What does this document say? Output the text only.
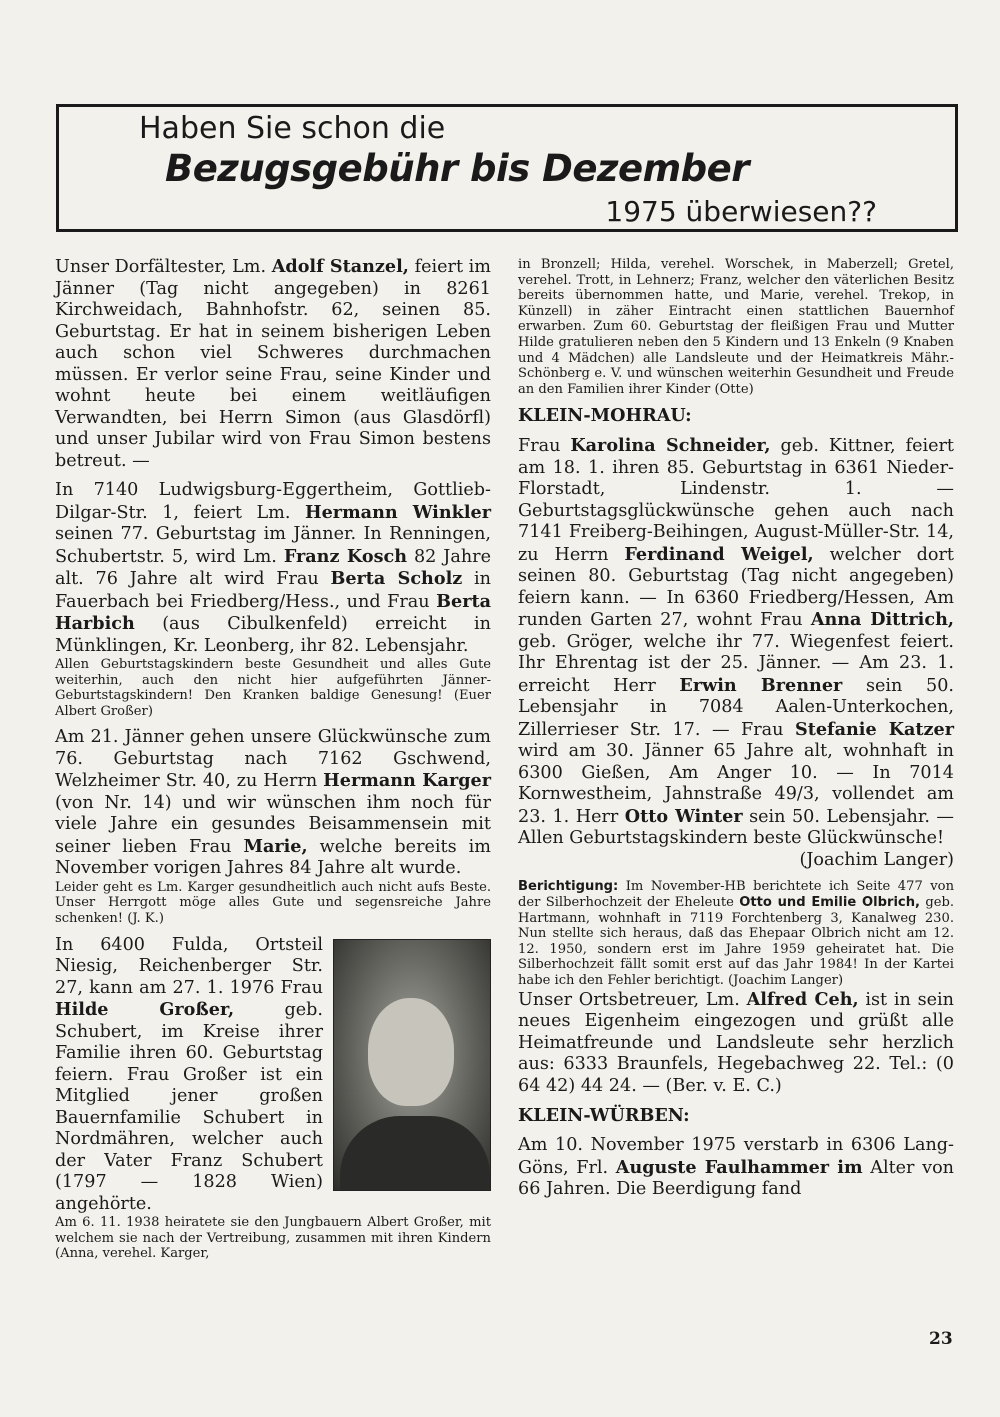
Haben Sie schon die
Bezugsgebühr bis Dezember
1975 überwiesen??

Unser Dorfältester, Lm. Adolf Stanzel, feiert im Jänner (Tag nicht angegeben) in 8261 Kirchweidach, Bahnhofstr. 62, seinen 85. Geburtstag. Er hat in seinem bisherigen Leben auch schon viel Schweres durchmachen müssen. Er verlor seine Frau, seine Kinder und wohnt heute bei einem weitläufigen Verwandten, bei Herrn Simon (aus Glasdörfl) und unser Jubilar wird von Frau Simon bestens betreut. —

In 7140 Ludwigsburg-Eggertheim, Gottlieb-Dilgar-Str. 1, feiert Lm. Hermann Winkler seinen 77. Geburtstag im Jänner. In Renningen, Schubertstr. 5, wird Lm. Franz Kosch 82 Jahre alt. 76 Jahre alt wird Frau Berta Scholz in Fauerbach bei Friedberg/Hess., und Frau Berta Harbich (aus Cibulkenfeld) erreicht in Münklingen, Kr. Leonberg, ihr 82. Lebensjahr.

Allen Geburtstagskindern beste Gesundheit und alles Gute weiterhin, auch den nicht hier aufgeführten Jänner-Geburtstagskindern! Den Kranken baldige Genesung! (Euer Albert Großer)

Am 21. Jänner gehen unsere Glückwünsche zum 76. Geburtstag nach 7162 Gschwend, Welzheimer Str. 40, zu Herrn Hermann Karger (von Nr. 14) und wir wünschen ihm noch für viele Jahre ein gesundes Beisammensein mit seiner lieben Frau Marie, welche bereits im November vorigen Jahres 84 Jahre alt wurde.

Leider geht es Lm. Karger gesundheitlich auch nicht aufs Beste. Unser Herrgott möge alles Gute und segensreiche Jahre schenken! (J. K.)

In 6400 Fulda, Ortsteil Niesig, Reichenberger Str. 27, kann am 27. 1. 1976 Frau Hilde Großer, geb. Schubert, im Kreise ihrer Familie ihren 60. Geburtstag feiern. Frau Großer ist ein Mitglied jener großen Bauernfamilie Schubert in Nordmähren, welcher auch der Vater Franz Schubert (1797 — 1828 Wien) angehörte.

Am 6. 11. 1938 heiratete sie den Jungbauern Albert Großer, mit welchem sie nach der Vertreibung, zusammen mit ihren Kindern (Anna, verehel. Karger,

in Bronzell; Hilda, verehel. Worschek, in Maberzell; Gretel, verehel. Trott, in Lehnerz; Franz, welcher den väterlichen Besitz bereits übernommen hatte, und Marie, verehel. Trekop, in Künzell) in zäher Eintracht einen stattlichen Bauernhof erwarben. Zum 60. Geburtstag der fleißigen Frau und Mutter Hilde gratulieren neben den 5 Kindern und 13 Enkeln (9 Knaben und 4 Mädchen) alle Landsleute und der Heimatkreis Mähr.-Schönberg e. V. und wünschen weiterhin Gesundheit und Freude an den Familien ihrer Kinder (Otte)

KLEIN-MOHRAU:

Frau Karolina Schneider, geb. Kittner, feiert am 18. 1. ihren 85. Geburtstag in 6361 Nieder-Florstadt, Lindenstr. 1. — Geburtstagsglückwünsche gehen auch nach 7141 Freiberg-Beihingen, August-Müller-Str. 14, zu Herrn Ferdinand Weigel, welcher dort seinen 80. Geburtstag (Tag nicht angegeben) feiern kann. — In 6360 Friedberg/Hessen, Am runden Garten 27, wohnt Frau Anna Dittrich, geb. Gröger, welche ihr 77. Wiegenfest feiert. Ihr Ehrentag ist der 25. Jänner. — Am 23. 1. erreicht Herr Erwin Brenner sein 50. Lebensjahr in 7084 Aalen-Unterkochen, Zillerrieser Str. 17. — Frau Stefanie Katzer wird am 30. Jänner 65 Jahre alt, wohnhaft in 6300 Gießen, Am Anger 10. — In 7014 Kornwestheim, Jahnstraße 49/3, vollendet am 23. 1. Herr Otto Winter sein 50. Lebensjahr. — Allen Geburtstagskindern beste Glückwünsche!

(Joachim Langer)

Berichtigung: Im November-HB berichtete ich Seite 477 von der Silberhochzeit der Eheleute Otto und Emilie Olbrich, geb. Hartmann, wohnhaft in 7119 Forchtenberg 3, Kanalweg 230. Nun stellte sich heraus, daß das Ehepaar Olbrich nicht am 12. 12. 1950, sondern erst im Jahre 1959 geheiratet hat. Die Silberhochzeit fällt somit erst auf das Jahr 1984! In der Kartei habe ich den Fehler berichtigt. (Joachim Langer)

Unser Ortsbetreuer, Lm. Alfred Ceh, ist in sein neues Eigenheim eingezogen und grüßt alle Heimatfreunde und Landsleute sehr herzlich aus: 6333 Braunfels, Hegebachweg 22. Tel.: (0 64 42) 44 24. — (Ber. v. E. C.)

KLEIN-WÜRBEN:

Am 10. November 1975 verstarb in 6306 Lang-Göns, Frl. Auguste Faulhammer im Alter von 66 Jahren. Die Beerdigung fand

23
